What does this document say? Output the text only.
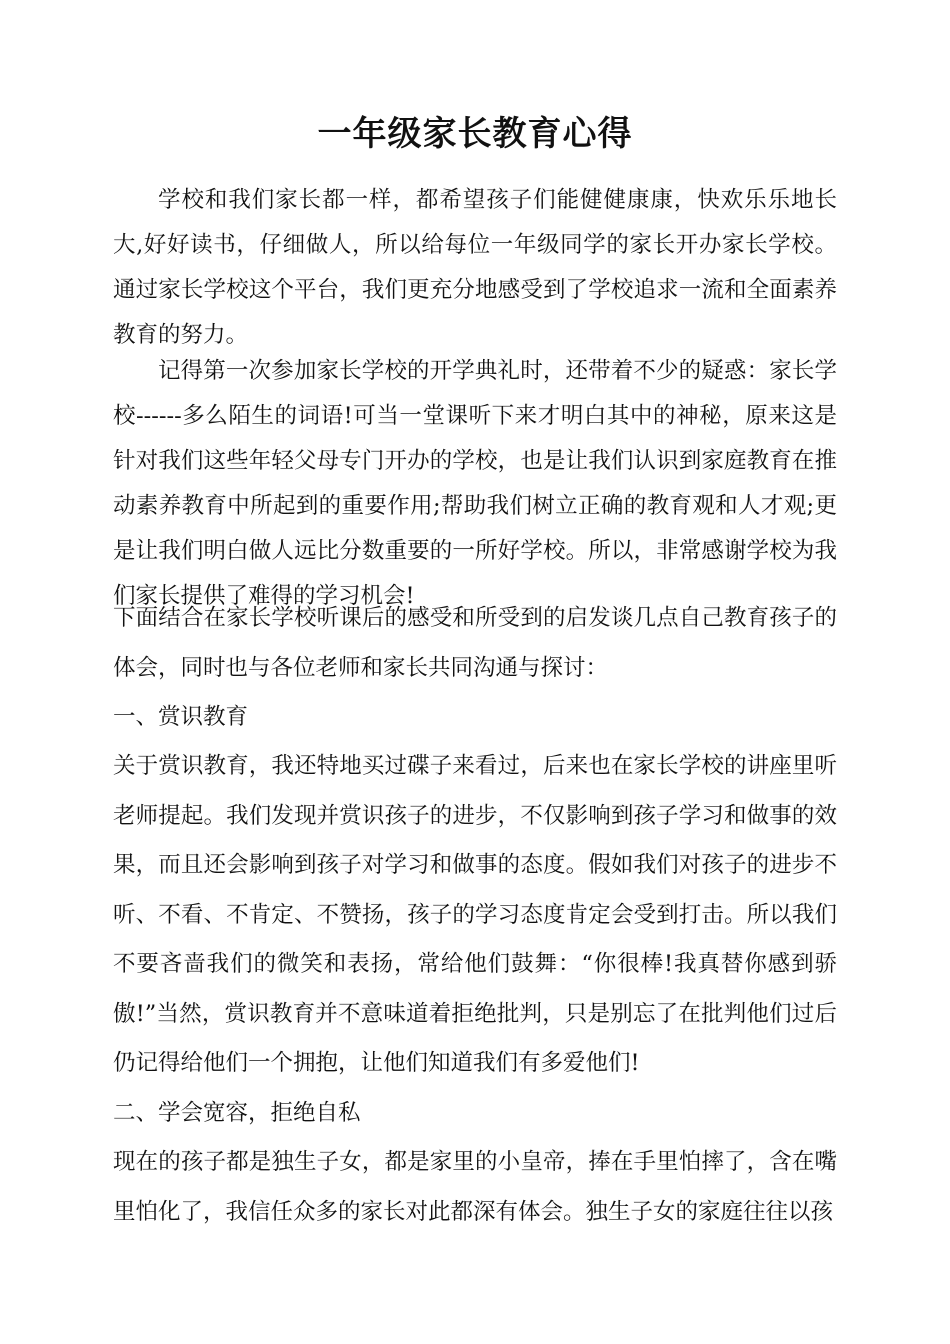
一年级家长教育心得

学校和我们家长都一样，都希望孩子们能健健康康，快欢乐乐地长大,好好读书，仔细做人，所以给每位一年级同学的家长开办家长学校。通过家长学校这个平台，我们更充分地感受到了学校追求一流和全面素养教育的努力。

记得第一次参加家长学校的开学典礼时，还带着不少的疑惑：家长学校------多么陌生的词语!可当一堂课听下来才明白其中的神秘，原来这是针对我们这些年轻父母专门开办的学校，也是让我们认识到家庭教育在推动素养教育中所起到的重要作用;帮助我们树立正确的教育观和人才观;更是让我们明白做人远比分数重要的一所好学校。所以，非常感谢学校为我们家长提供了难得的学习机会!

下面结合在家长学校听课后的感受和所受到的启发谈几点自己教育孩子的体会，同时也与各位老师和家长共同沟通与探讨：

一、赏识教育

关于赏识教育，我还特地买过碟子来看过，后来也在家长学校的讲座里听老师提起。我们发现并赏识孩子的进步，不仅影响到孩子学习和做事的效果，而且还会影响到孩子对学习和做事的态度。假如我们对孩子的进步不听、不看、不肯定、不赞扬，孩子的学习态度肯定会受到打击。所以我们不要吝啬我们的微笑和表扬，常给他们鼓舞：“你很棒!我真替你感到骄傲!”当然，赏识教育并不意味道着拒绝批判，只是别忘了在批判他们过后仍记得给他们一个拥抱，让他们知道我们有多爱他们!

二、学会宽容，拒绝自私

现在的孩子都是独生子女，都是家里的小皇帝，捧在手里怕摔了，含在嘴里怕化了，我信任众多的家长对此都深有体会。独生子女的家庭往往以孩
